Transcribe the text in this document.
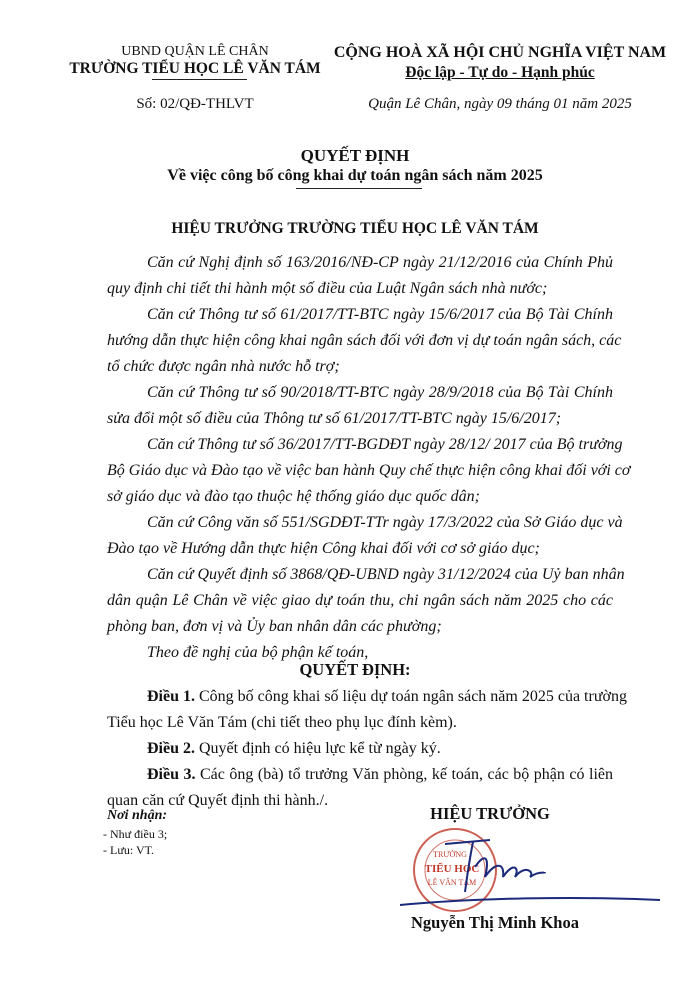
UBND QUẬN LÊ CHÂN
TRƯỜNG TIỂU HỌC LÊ VĂN TÁM
Số: 02/QĐ-THLVT
CỘNG HOÀ XÃ HỘI CHỦ NGHĨA VIỆT NAM
Độc lập - Tự do - Hạnh phúc
Quận Lê Chân, ngày 09 tháng 01 năm 2025
QUYẾT ĐỊNH
Về việc công bố công khai dự toán ngân sách năm 2025
HIỆU TRƯỞNG TRƯỜNG TIỂU HỌC LÊ VĂN TÁM
Căn cứ Nghị định số 163/2016/NĐ-CP ngày 21/12/2016 của Chính Phủ
quy định chi tiết thi hành một số điều của Luật Ngân sách nhà nước;
Căn cứ Thông tư số 61/2017/TT-BTC ngày 15/6/2017 của Bộ Tài Chính
hướng dẫn thực hiện công khai ngân sách đối với đơn vị dự toán ngân sách, các
tổ chức được ngân nhà nước hỗ trợ;
Căn cứ Thông tư số 90/2018/TT-BTC ngày 28/9/2018 của Bộ Tài Chính
sửa đổi một số điều của Thông tư số 61/2017/TT-BTC ngày 15/6/2017;
Căn cứ Thông tư số 36/2017/TT-BGDĐT ngày 28/12/ 2017 của Bộ trưởng
Bộ Giáo dục và Đào tạo về việc ban hành Quy chế thực hiện công khai đối với cơ
sở giáo dục và đào tạo thuộc hệ thống giáo dục quốc dân;
Căn cứ Công văn số 551/SGDĐT-TTr ngày 17/3/2022 của Sở Giáo dục và
Đào tạo về Hướng dẫn thực hiện Công khai đối với cơ sở giáo dục;
Căn cứ Quyết định số 3868/QĐ-UBND ngày 31/12/2024 của Uỷ ban nhân
dân quận Lê Chân về việc giao dự toán thu, chi ngân sách năm 2025 cho các
phòng ban, đơn vị và Ủy ban nhân dân các phường;
Theo đề nghị của bộ phận kế toán,
QUYẾT ĐỊNH:
Điều 1. Công bố công khai số liệu dự toán ngân sách năm 2025 của trường
Tiểu học Lê Văn Tám (chi tiết theo phụ lục đính kèm).
Điều 2. Quyết định có hiệu lực kể từ ngày ký.
Điều 3. Các ông (bà) tổ trưởng Văn phòng, kế toán, các bộ phận có liên
quan căn cứ Quyết định thi hành./.
Nơi nhận:
- Như điều 3;
- Lưu: VT.
HIỆU TRƯỞNG
TRƯỜNG
TIỂU HỌC
LÊ VĂN TÁM
Nguyễn Thị Minh Khoa
